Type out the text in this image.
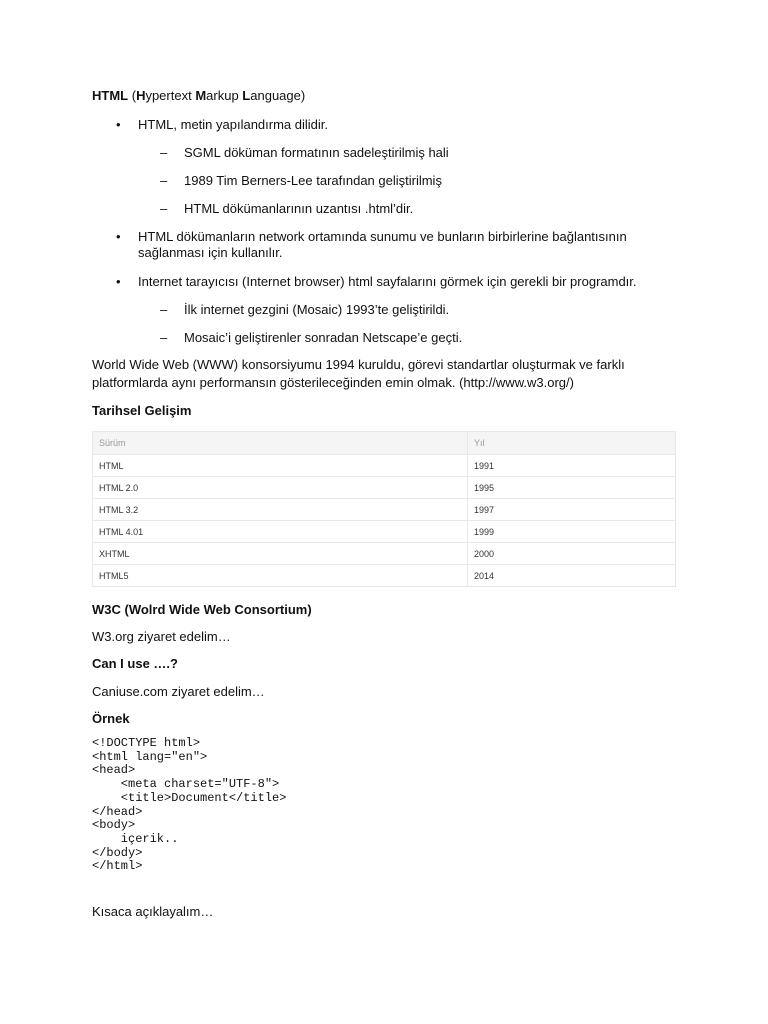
HTML (Hypertext Markup Language)
• HTML, metin yapılandırma dilidir.
– SGML döküman formatının sadeleştirilmiş hali
– 1989 Tim Berners-Lee tarafından geliştirilmiş
– HTML dökümanlarının uzantısı .html’dir.
• HTML dökümanların network ortamında sunumu ve bunların birbirlerine bağlantısının sağlanması için kullanılır.
• Internet tarayıcısı (Internet browser) html sayfalarını görmek için gerekli bir programdır.
– İlk internet gezgini (Mosaic) 1993’te geliştirildi.
– Mosaic’i geliştirenler sonradan Netscape’e geçti.
World Wide Web (WWW) konsorsiyumu 1994 kuruldu, görevi standartlar oluşturmak ve farklı platformlarda aynı performansın gösterileceğinden emin olmak. (http://www.w3.org/)
Tarihsel Gelişim
Sürüm	Yıl
HTML	1991
HTML 2.0	1995
HTML 3.2	1997
HTML 4.01	1999
XHTML	2000
HTML5	2014
W3C (Wolrd Wide Web Consortium)
W3.org ziyaret edelim…
Can I use ….?
Caniuse.com ziyaret edelim…
Örnek
<!DOCTYPE html>
<html lang="en">
<head>
<meta charset="UTF-8">
<title>Document</title>
</head>
<body>
içerik..
</body>
</html>
Kısaca açıklayalım…
